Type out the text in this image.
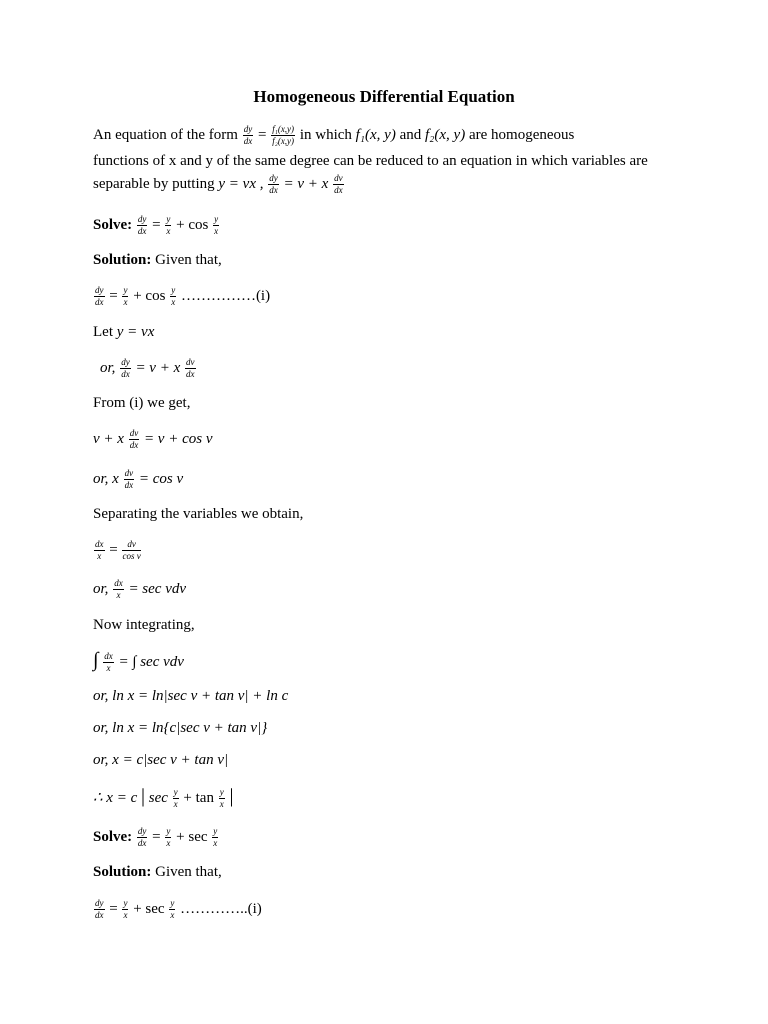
Homogeneous Differential Equation
An equation of the form $\frac{dy}{dx} = \frac{\text{f₁(x,y)}}{\text{f₂(x,y)}}$ in which f₁(x, y) and f₂(x, y) are homogeneous
functions of x and y of the same degree can be reduced to an equation in which variables are
separable by putting y = vx , $\frac{dy}{dx} = v + x \frac{dv}{dx}$
Solve: $\frac{dy}{dx} = \frac{y}{x} + \cos \frac{y}{x}$
Solution: Given that,
$\frac{dy}{dx} = \frac{y}{x} + \cos \frac{y}{x}$ ……………(i)
Let y = vx
or, $\frac{dy}{dx} = v + x \frac{dv}{dx}$
From (i) we get,
v + x $\frac{dv}{dx} = v + \cos v$
or, x $\frac{dv}{dx} = \cos v$
Separating the variables we obtain,
$\frac{dx}{x} = \frac{dv}{\text{cos v}}$
or, $\frac{dx}{x} = \sec$ vdv
Now integrating,
∫ $\frac{dx}{x}$ = ∫ sec vdv
or, ln x = ln|sec v + tan v| + ln c
or, ln x = ln{c|sec v + tan v|}
or, x = c|sec v + tan v|
∴ x = c | $\sec \frac{y}{x} + \tan \frac{y}{x}$ |
Solve: $\frac{dy}{dx} = \frac{y}{x} + \sec \frac{y}{x}$
Solution: Given that,
$\frac{dy}{dx} = \frac{y}{x} + \sec \frac{y}{x}$ …………..(i)
